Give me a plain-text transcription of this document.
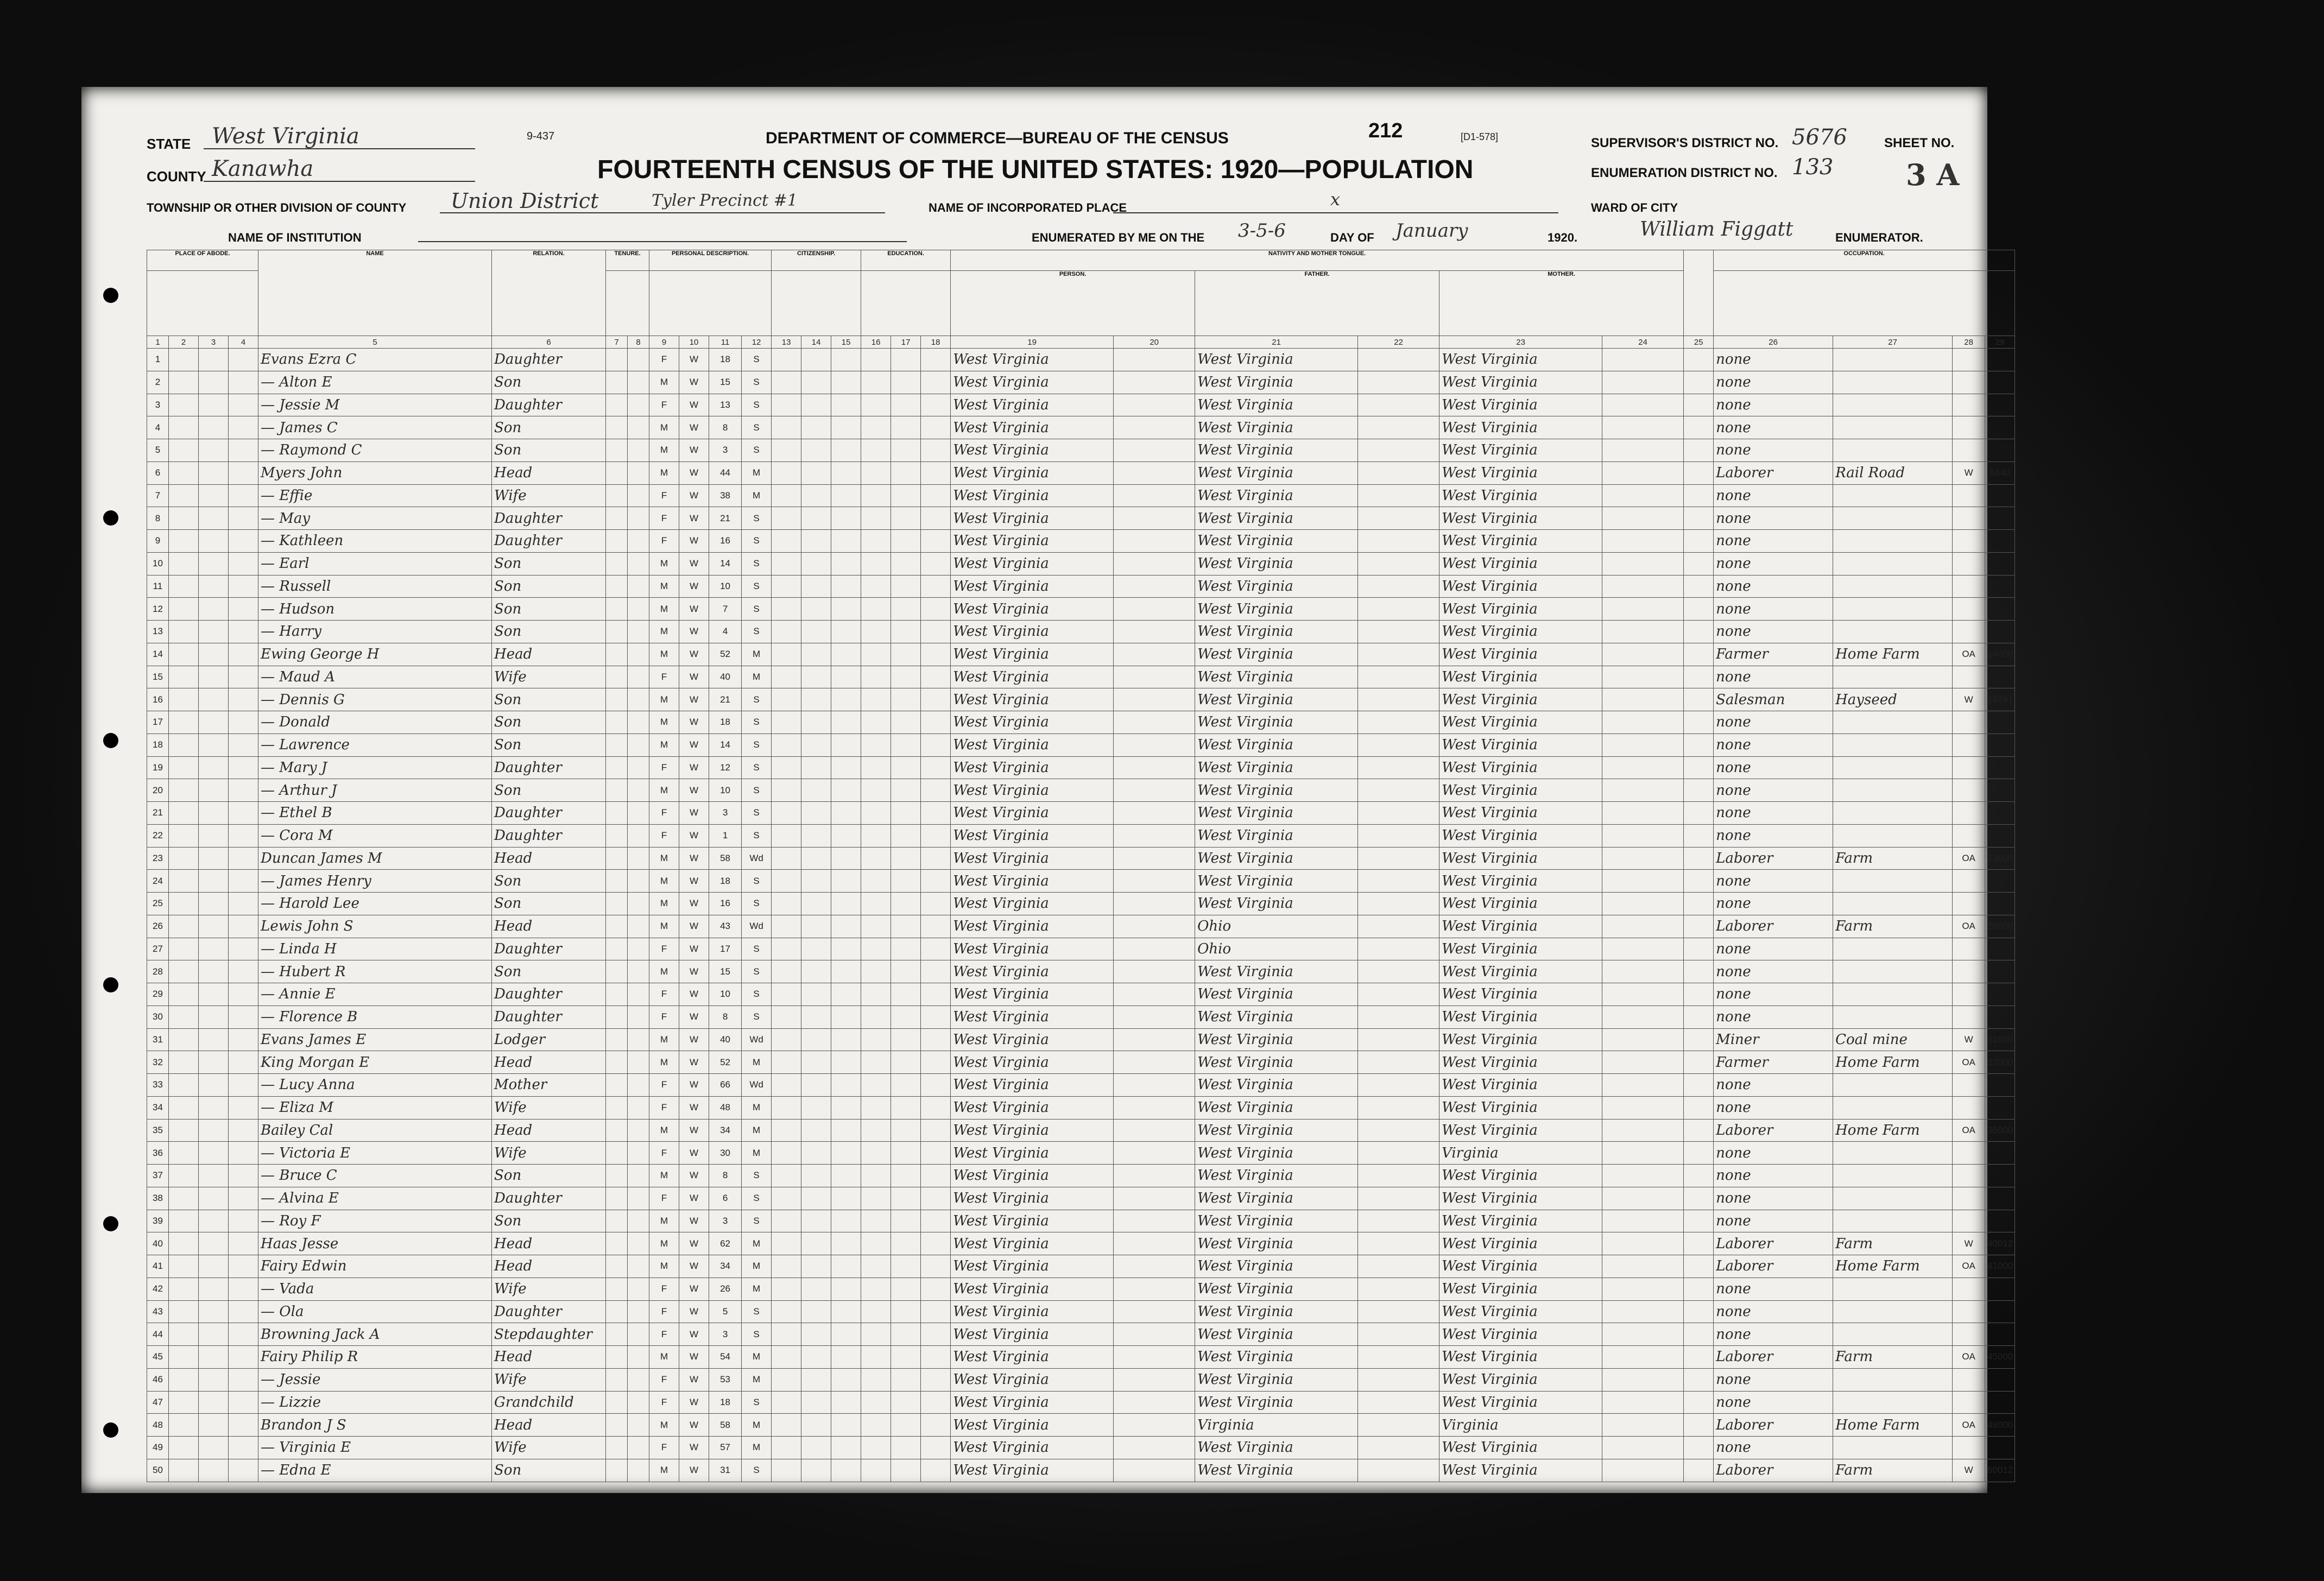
STATE West Virginia	9-437	DEPARTMENT OF COMMERCE—BUREAU OF THE CENSUS	212	[D1-578]	SUPERVISOR'S DISTRICT NO. 5676	SHEET NO.
3 A
COUNTY Kanawha	FOURTEENTH CENSUS OF THE UNITED STATES: 1920—POPULATION	ENUMERATION DISTRICT NO. 133
TOWNSHIP OR OTHER DIVISION OF COUNTY Union District	Tyler Precinct #1	NAME OF INCORPORATED PLACE	x	WARD OF CITY
NAME OF INSTITUTION	ENUMERATED BY ME ON THE 3-5-6	DAY OF January	1920.	William Figgatt	ENUMERATOR.
PLACE OF ABODE.				NAME	RELATION.	TENURE.		PERSONAL DESCRIPTION.				CITIZENSHIP.			EDUCATION.			NATIVITY AND MOTHER TONGUE.							OCCUPATION.			
																		PERSON.		FATHER.		MOTHER.						
1	2	3	4	5	6	7	8	9	10	11	12	13	14	15	16	17	18	19	20	21	22	23	24	25	26	27	28	29
1				Evans Ezra C	Daughter			F	W	18	S							West Virginia		West Virginia		West Virginia			none			
2				— Alton E	Son			M	W	15	S							West Virginia		West Virginia		West Virginia			none			
3				— Jessie M	Daughter			F	W	13	S							West Virginia		West Virginia		West Virginia			none			
4				— James C	Son			M	W	8	S							West Virginia		West Virginia		West Virginia			none			
5				— Raymond C	Son			M	W	3	S							West Virginia		West Virginia		West Virginia			none			
6				Myers John	Head			M	W	44	M							West Virginia		West Virginia		West Virginia			Laborer	Rail Road	W	6640
7				— Effie	Wife			F	W	38	M							West Virginia		West Virginia		West Virginia			none			
8				— May	Daughter			F	W	21	S							West Virginia		West Virginia		West Virginia			none			
9				— Kathleen	Daughter			F	W	16	S							West Virginia		West Virginia		West Virginia			none			
10				— Earl	Son			M	W	14	S							West Virginia		West Virginia		West Virginia			none			
11				— Russell	Son			M	W	10	S							West Virginia		West Virginia		West Virginia			none			
12				— Hudson	Son			M	W	7	S							West Virginia		West Virginia		West Virginia			none			
13				— Harry	Son			M	W	4	S							West Virginia		West Virginia		West Virginia			none			
14				Ewing George H	Head			M	W	52	M							West Virginia		West Virginia		West Virginia			Farmer	Home Farm	OA	14000
15				— Maud A	Wife			F	W	40	M							West Virginia		West Virginia		West Virginia			none			
16				— Dennis G	Son			M	W	21	S							West Virginia		West Virginia		West Virginia			Salesman	Hayseed	W	16791
17				— Donald	Son			M	W	18	S							West Virginia		West Virginia		West Virginia			none			
18				— Lawrence	Son			M	W	14	S							West Virginia		West Virginia		West Virginia			none			
19				— Mary J	Daughter			F	W	12	S							West Virginia		West Virginia		West Virginia			none			
20				— Arthur J	Son			M	W	10	S							West Virginia		West Virginia		West Virginia			none			
21				— Ethel B	Daughter			F	W	3	S							West Virginia		West Virginia		West Virginia			none			
22				— Cora M	Daughter			F	W	1	S							West Virginia		West Virginia		West Virginia			none			
23				Duncan James M	Head			M	W	58	Wd							West Virginia		West Virginia		West Virginia			Laborer	Farm	OA	23000
24				— James Henry	Son			M	W	18	S							West Virginia		West Virginia		West Virginia			none			
25				— Harold Lee	Son			M	W	16	S							West Virginia		West Virginia		West Virginia			none			
26				Lewis John S	Head			M	W	43	Wd							West Virginia		Ohio		West Virginia			Laborer	Farm	OA	26000
27				— Linda H	Daughter			F	W	17	S							West Virginia		Ohio		West Virginia			none			
28				— Hubert R	Son			M	W	15	S							West Virginia		West Virginia		West Virginia			none			
29				— Annie E	Daughter			F	W	10	S							West Virginia		West Virginia		West Virginia			none			
30				— Florence B	Daughter			F	W	8	S							West Virginia		West Virginia		West Virginia			none			
31				Evans James E	Lodger			M	W	40	Wd							West Virginia		West Virginia		West Virginia			Miner	Coal mine	W	31080
32				King Morgan E	Head			M	W	52	M							West Virginia		West Virginia		West Virginia			Farmer	Home Farm	OA	32000
33				— Lucy Anna	Mother			F	W	66	Wd							West Virginia		West Virginia		West Virginia			none			
34				— Eliza M	Wife			F	W	48	M							West Virginia		West Virginia		West Virginia			none			
35				Bailey Cal	Head			M	W	34	M							West Virginia		West Virginia		West Virginia			Laborer	Home Farm	OA	35000
36				— Victoria E	Wife			F	W	30	M							West Virginia		West Virginia		Virginia			none			
37				— Bruce C	Son			M	W	8	S							West Virginia		West Virginia		West Virginia			none			
38				— Alvina E	Daughter			F	W	6	S							West Virginia		West Virginia		West Virginia			none			
39				— Roy F	Son			M	W	3	S							West Virginia		West Virginia		West Virginia			none			
40				Haas Jesse	Head			M	W	62	M							West Virginia		West Virginia		West Virginia			Laborer	Farm	W	40012
41				Fairy Edwin	Head			M	W	34	M							West Virginia		West Virginia		West Virginia			Laborer	Home Farm	OA	41000
42				— Vada	Wife			F	W	26	M							West Virginia		West Virginia		West Virginia			none			
43				— Ola	Daughter			F	W	5	S							West Virginia		West Virginia		West Virginia			none			
44				Browning Jack A	Stepdaughter			F	W	3	S							West Virginia		West Virginia		West Virginia			none			
45				Fairy Philip R	Head			M	W	54	M							West Virginia		West Virginia		West Virginia			Laborer	Farm	OA	45000
46				— Jessie	Wife			F	W	53	M							West Virginia		West Virginia		West Virginia			none			
47				— Lizzie	Grandchild			F	W	18	S							West Virginia		West Virginia		West Virginia			none			
48				Brandon J S	Head			M	W	58	M							West Virginia		Virginia		Virginia			Laborer	Home Farm	OA	48000
49				— Virginia E	Wife			F	W	57	M							West Virginia		West Virginia		West Virginia			none			
50				— Edna E	Son			M	W	31	S							West Virginia		West Virginia		West Virginia			Laborer	Farm	W	50012
